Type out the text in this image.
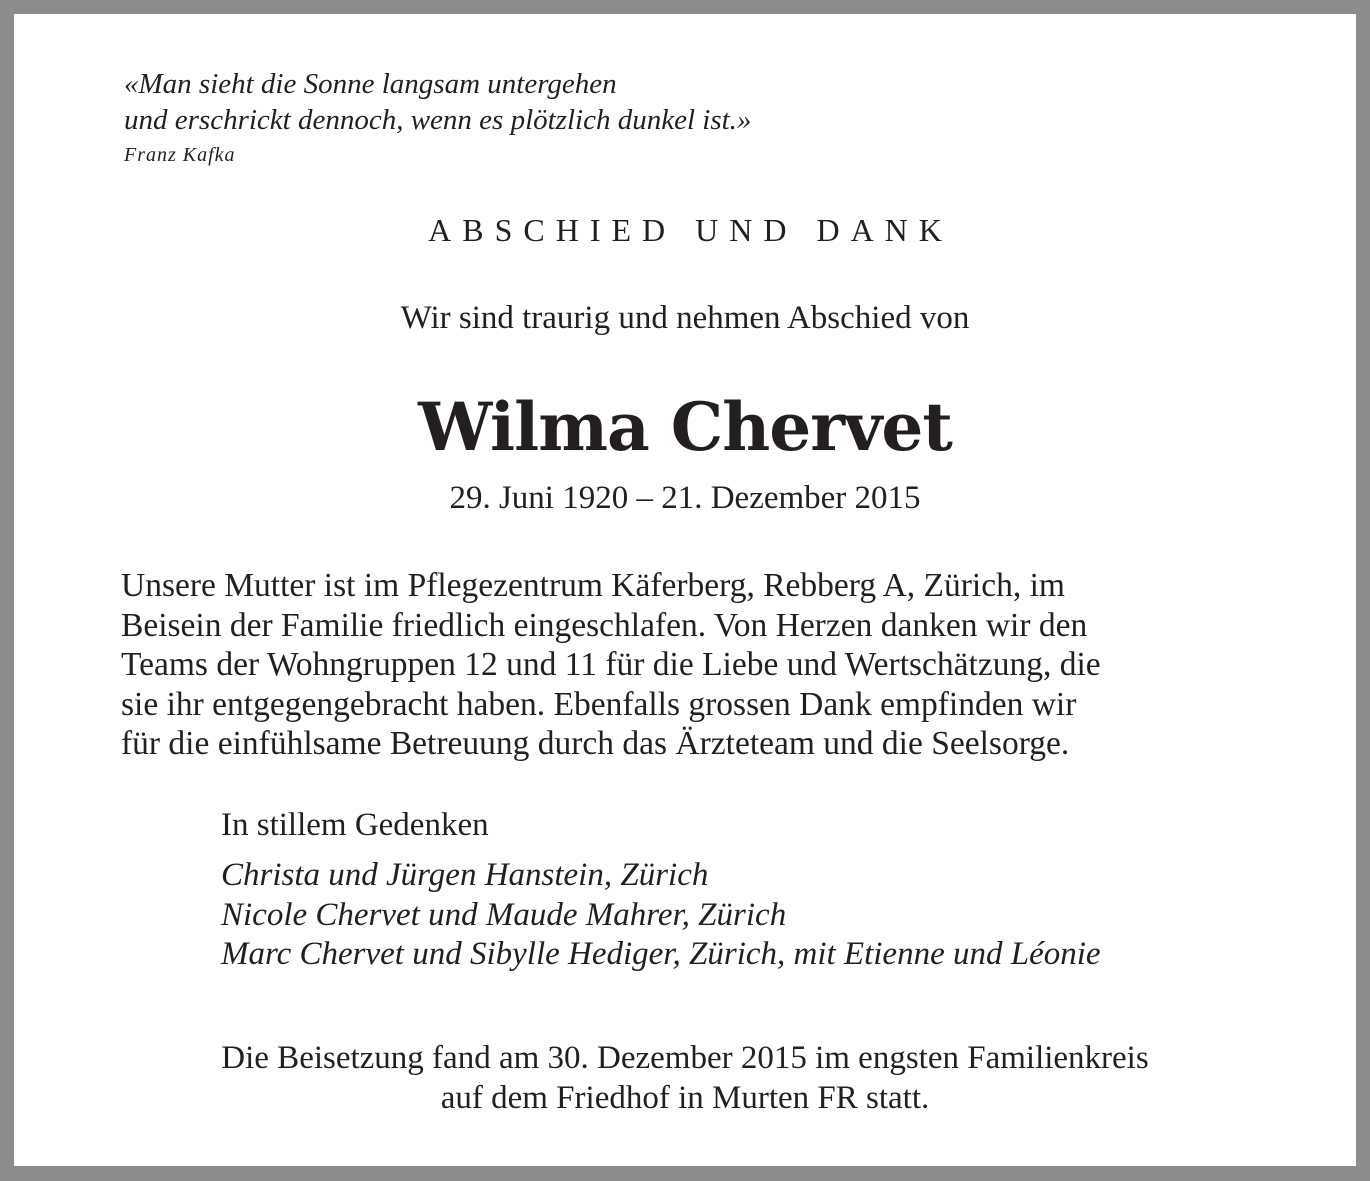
«Man sieht die Sonne langsam untergehen
und erschrickt dennoch, wenn es plötzlich dunkel ist.»
Franz Kafka
ABSCHIED UND DANK
Wir sind traurig und nehmen Abschied von
Wilma Chervet
29. Juni 1920 – 21. Dezember 2015
Unsere Mutter ist im Pflegezentrum Käferberg, Rebberg A, Zürich, im
Beisein der Familie friedlich eingeschlafen. Von Herzen danken wir den
Teams der Wohngruppen 12 und 11 für die Liebe und Wertschätzung, die
sie ihr entgegengebracht haben. Ebenfalls grossen Dank empfinden wir
für die einfühlsame Betreuung durch das Ärzteteam und die Seelsorge.
In stillem Gedenken
Christa und Jürgen Hanstein, Zürich
Nicole Chervet und Maude Mahrer, Zürich
Marc Chervet und Sibylle Hediger, Zürich, mit Etienne und Léonie
Die Beisetzung fand am 30. Dezember 2015 im engsten Familienkreis
auf dem Friedhof in Murten FR statt.
